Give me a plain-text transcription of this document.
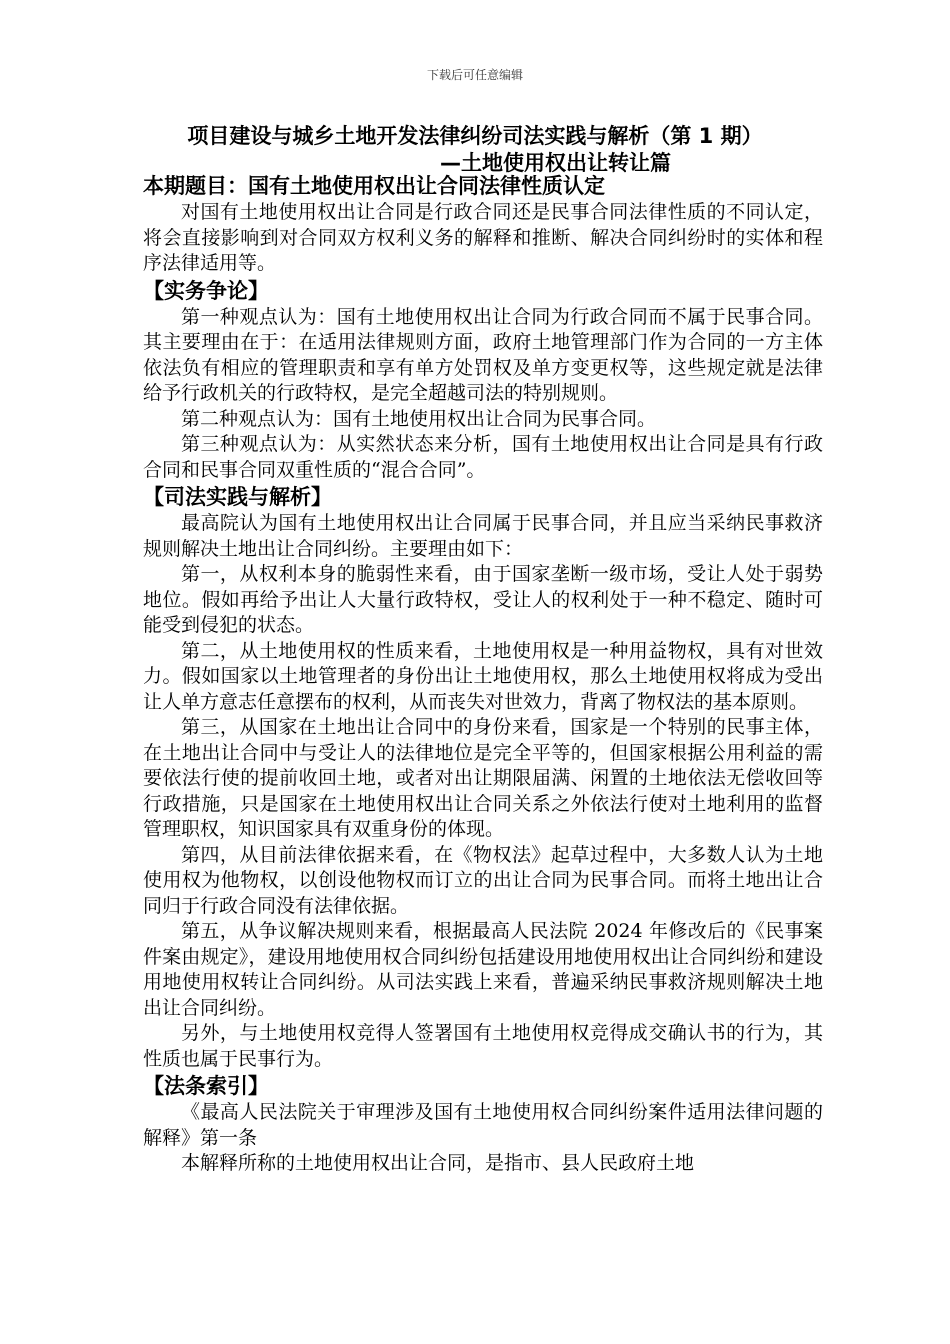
下载后可任意编辑
项目建设与城乡土地开发法律纠纷司法实践与解析（第 1 期）
—土地使用权出让转让篇
本期题目：国有土地使用权出让合同法律性质认定

对国有土地使用权出让合同是行政合同还是民事合同法律性质的不同认定，将会直接影响到对合同双方权利义务的解释和推断、解决合同纠纷时的实体和程序法律适用等。

【实务争论】

第一种观点认为：国有土地使用权出让合同为行政合同而不属于民事合同。其主要理由在于：在适用法律规则方面，政府土地管理部门作为合同的一方主体依法负有相应的管理职责和享有单方处罚权及单方变更权等，这些规定就是法律给予行政机关的行政特权，是完全超越司法的特别规则。

第二种观点认为：国有土地使用权出让合同为民事合同。

第三种观点认为：从实然状态来分析，国有土地使用权出让合同是具有行政合同和民事合同双重性质的“混合合同”。

【司法实践与解析】

最高院认为国有土地使用权出让合同属于民事合同，并且应当采纳民事救济规则解决土地出让合同纠纷。主要理由如下：

第一，从权利本身的脆弱性来看，由于国家垄断一级市场，受让人处于弱势地位。假如再给予出让人大量行政特权，受让人的权利处于一种不稳定、随时可能受到侵犯的状态。

第二，从土地使用权的性质来看，土地使用权是一种用益物权，具有对世效力。假如国家以土地管理者的身份出让土地使用权，那么土地使用权将成为受出让人单方意志任意摆布的权利，从而丧失对世效力，背离了物权法的基本原则。

第三，从国家在土地出让合同中的身份来看，国家是一个特别的民事主体，在土地出让合同中与受让人的法律地位是完全平等的，但国家根据公用利益的需要依法行使的提前收回土地，或者对出让期限届满、闲置的土地依法无偿收回等行政措施，只是国家在土地使用权出让合同关系之外依法行使对土地利用的监督管理职权，知识国家具有双重身份的体现。

第四，从目前法律依据来看，在《物权法》起草过程中，大多数人认为土地使用权为他物权，以创设他物权而订立的出让合同为民事合同。而将土地出让合同归于行政合同没有法律依据。

第五，从争议解决规则来看，根据最高人民法院 2024 年修改后的《民事案件案由规定》，建设用地使用权合同纠纷包括建设用地使用权出让合同纠纷和建设用地使用权转让合同纠纷。从司法实践上来看，普遍采纳民事救济规则解决土地出让合同纠纷。

另外，与土地使用权竞得人签署国有土地使用权竞得成交确认书的行为，其性质也属于民事行为。

【法条索引】

《最高人民法院关于审理涉及国有土地使用权合同纠纷案件适用法律问题的解释》第一条

本解释所称的土地使用权出让合同，是指市、县人民政府土地
